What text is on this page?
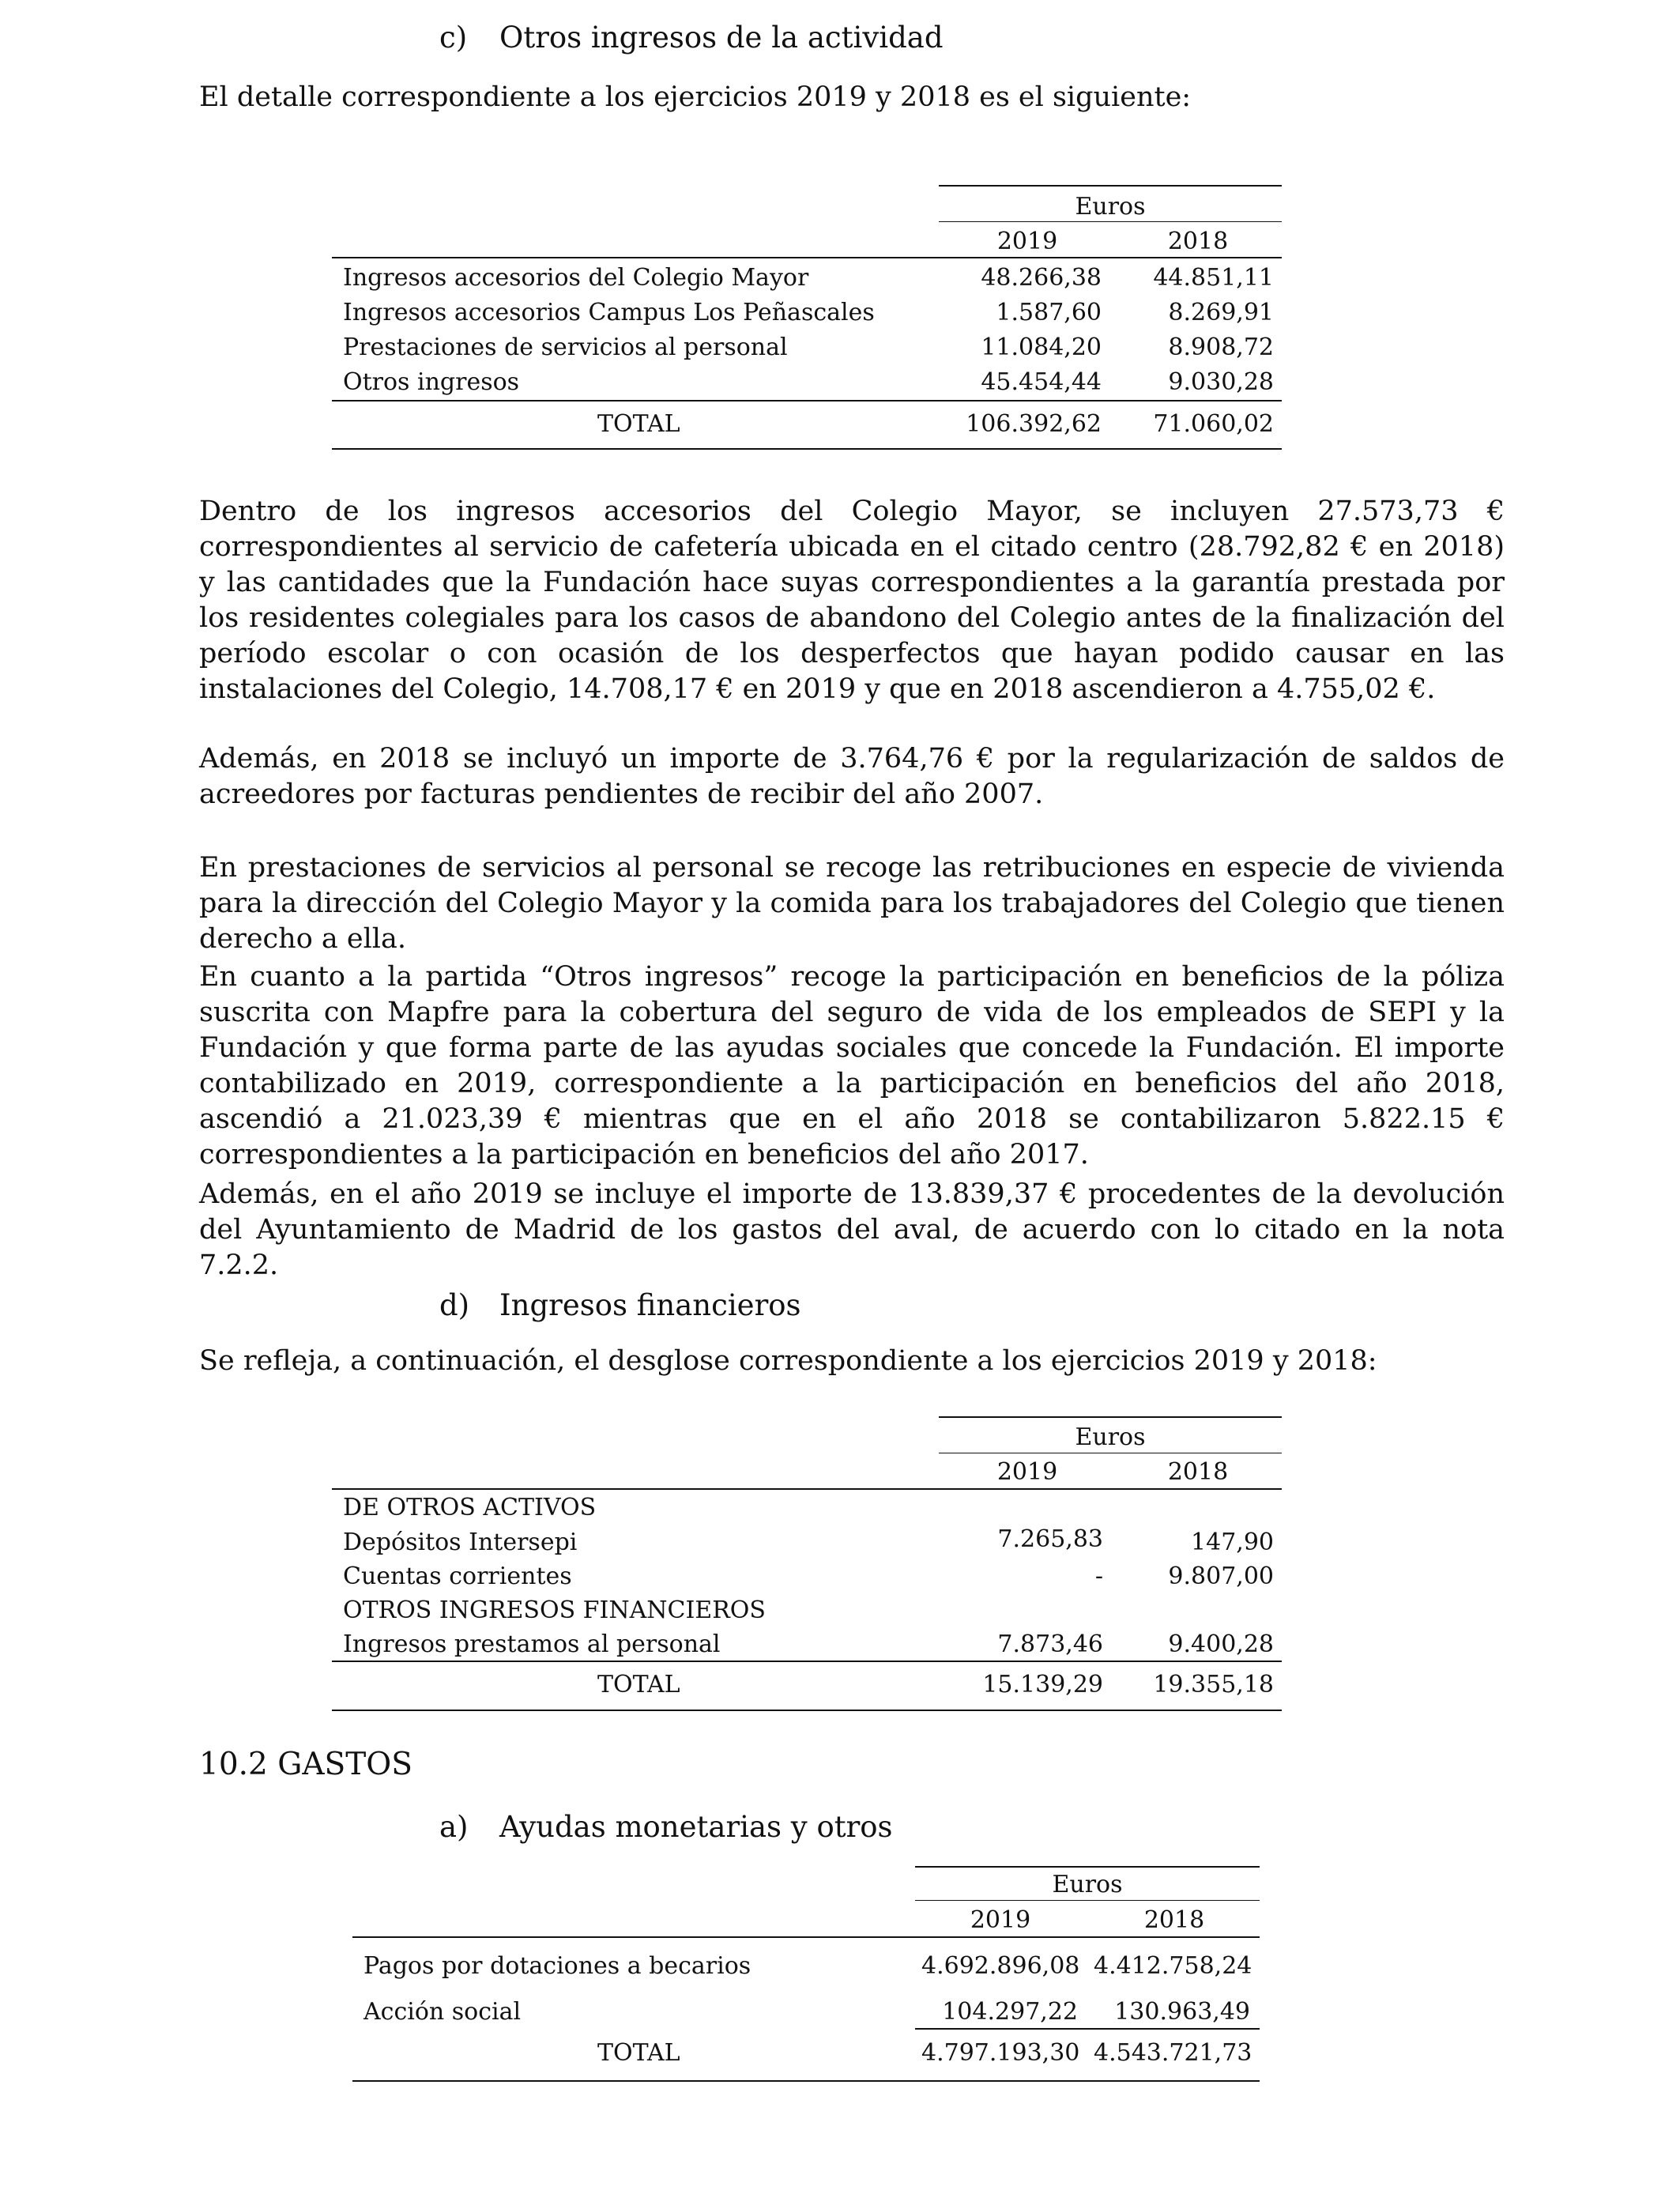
c) Otros ingresos de la actividad
El detalle correspondiente a los ejercicios 2019 y 2018 es el siguiente:
Euros
2019	2018
Ingresos accesorios del Colegio Mayor	48.266,38	44.851,11
Ingresos accesorios Campus Los Peñascales	1.587,60	8.269,91
Prestaciones de servicios al personal	11.084,20	8.908,72
Otros ingresos	45.454,44	9.030,28
TOTAL	106.392,62	71.060,02
Dentro de los ingresos accesorios del Colegio Mayor, se incluyen 27.573,73 € correspondientes al servicio de cafetería ubicada en el citado centro (28.792,82 € en 2018) y las cantidades que la Fundación hace suyas correspondientes a la garantía prestada por los residentes colegiales para los casos de abandono del Colegio antes de la finalización del período escolar o con ocasión de los desperfectos que hayan podido causar en las instalaciones del Colegio, 14.708,17 € en 2019 y que en 2018 ascendieron a 4.755,02 €.
Además, en 2018 se incluyó un importe de 3.764,76 € por la regularización de saldos de acreedores por facturas pendientes de recibir del año 2007.
En prestaciones de servicios al personal se recoge las retribuciones en especie de vivienda para la dirección del Colegio Mayor y la comida para los trabajadores del Colegio que tienen derecho a ella.
En cuanto a la partida “Otros ingresos” recoge la participación en beneficios de la póliza suscrita con Mapfre para la cobertura del seguro de vida de los empleados de SEPI y la Fundación y que forma parte de las ayudas sociales que concede la Fundación. El importe contabilizado en 2019, correspondiente a la participación en beneficios del año 2018, ascendió a 21.023,39 € mientras que en el año 2018 se contabilizaron 5.822.15 € correspondientes a la participación en beneficios del año 2017.
Además, en el año 2019 se incluye el importe de 13.839,37 € procedentes de la devolución del Ayuntamiento de Madrid de los gastos del aval, de acuerdo con lo citado en la nota 7.2.2.
d) Ingresos financieros
Se refleja, a continuación, el desglose correspondiente a los ejercicios 2019 y 2018:
Euros
2019	2018
DE OTROS ACTIVOS
Depósitos Intersepi	7.265,83	147,90
Cuentas corrientes	-	9.807,00
OTROS INGRESOS FINANCIEROS
Ingresos prestamos al personal	7.873,46	9.400,28
TOTAL	15.139,29	19.355,18
10.2 GASTOS
a) Ayudas monetarias y otros
Euros
2019	2018
Pagos por dotaciones a becarios	4.692.896,08 4.412.758,24
Acción social	104.297,22	130.963,49
TOTAL	4.797.193,30 4.543.721,73
